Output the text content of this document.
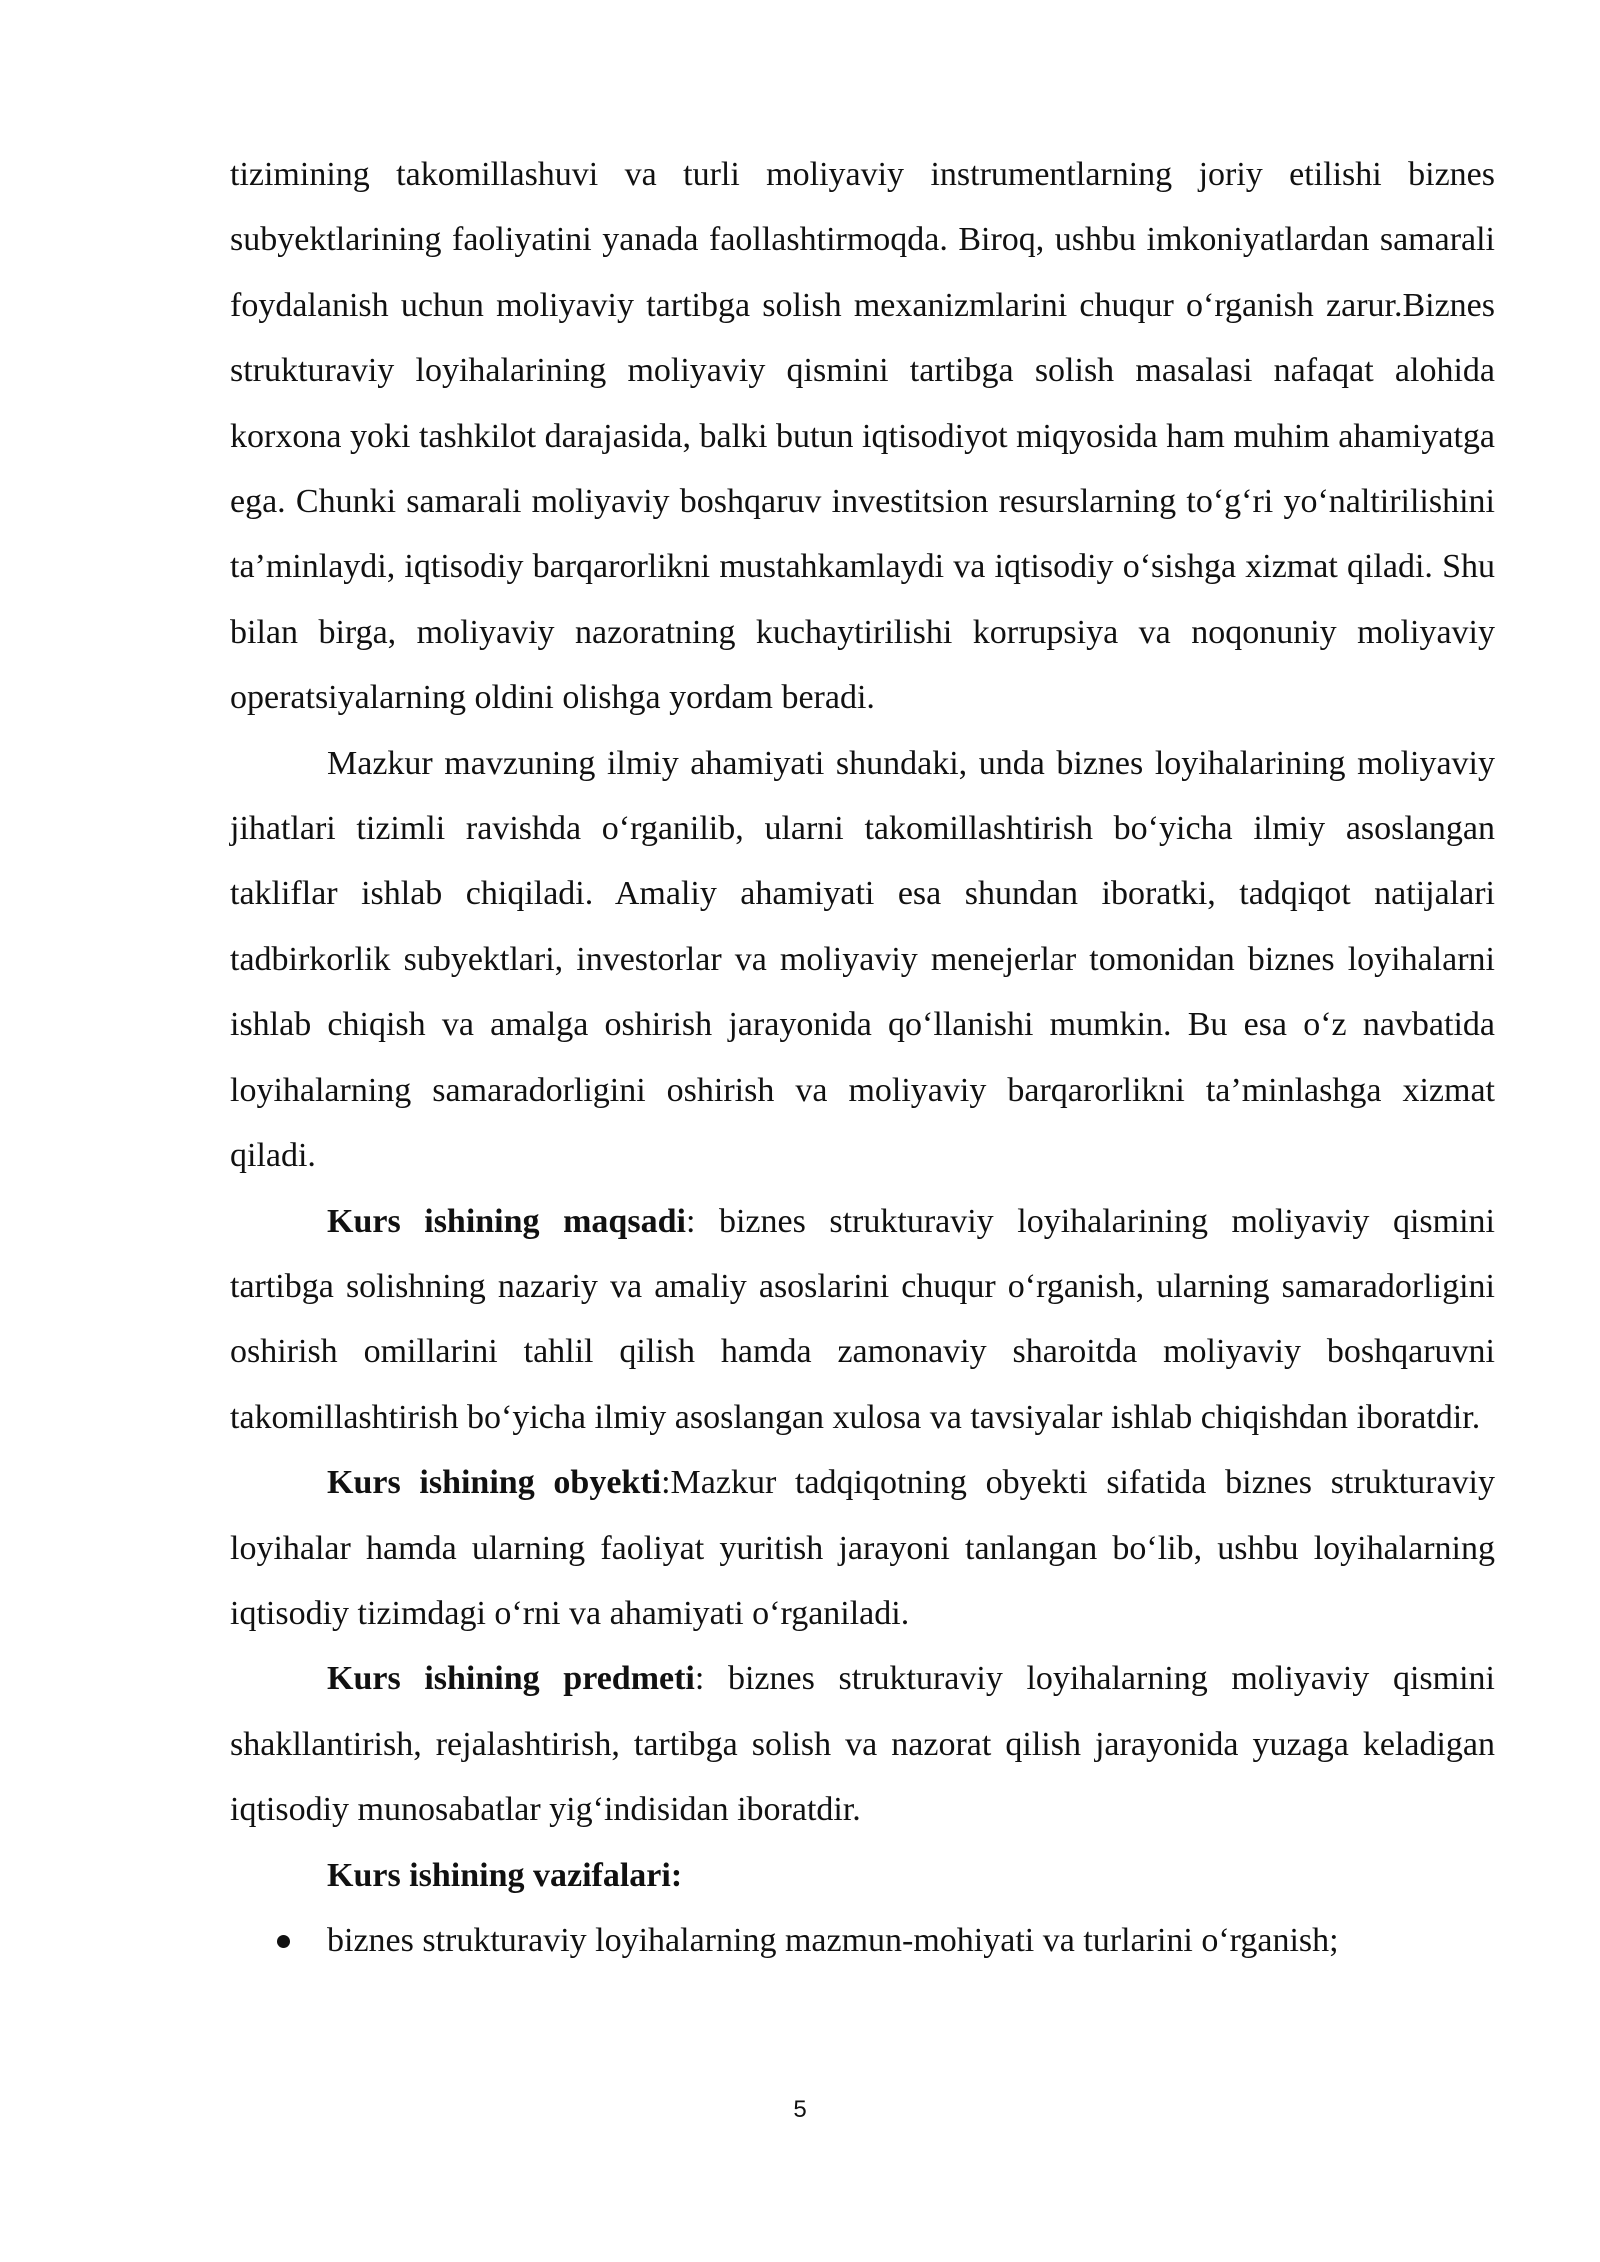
tizimining takomillashuvi va turli moliyaviy instrumentlarning joriy etilishi biznes subyektlarining faoliyatini yanada faollashtirmoqda. Biroq, ushbu imkoniyatlardan samarali foydalanish uchun moliyaviy tartibga solish mexanizmlarini chuqur o‘rganish zarur.Biznes strukturaviy loyihalarining moliyaviy qismini tartibga solish masalasi nafaqat alohida korxona yoki tashkilot darajasida, balki butun iqtisodiyot miqyosida ham muhim ahamiyatga ega. Chunki samarali moliyaviy boshqaruv investitsion resurslarning to‘g‘ri yo‘naltirilishini ta’minlaydi, iqtisodiy barqarorlikni mustahkamlaydi va iqtisodiy o‘sishga xizmat qiladi. Shu bilan birga, moliyaviy nazoratning kuchaytirilishi korrupsiya va noqonuniy moliyaviy operatsiyalarning oldini olishga yordam beradi.

Mazkur mavzuning ilmiy ahamiyati shundaki, unda biznes loyihalarining moliyaviy jihatlari tizimli ravishda o‘rganilib, ularni takomillashtirish bo‘yicha ilmiy asoslangan takliflar ishlab chiqiladi. Amaliy ahamiyati esa shundan iboratki, tadqiqot natijalari tadbirkorlik subyektlari, investorlar va moliyaviy menejerlar tomonidan biznes loyihalarni ishlab chiqish va amalga oshirish jarayonida qo‘llanishi mumkin. Bu esa o‘z navbatida loyihalarning samaradorligini oshirish va moliyaviy barqarorlikni ta’minlashga xizmat qiladi.

Kurs ishining maqsadi: biznes strukturaviy loyihalarining moliyaviy qismini tartibga solishning nazariy va amaliy asoslarini chuqur o‘rganish, ularning samaradorligini oshirish omillarini tahlil qilish hamda zamonaviy sharoitda moliyaviy boshqaruvni takomillashtirish bo‘yicha ilmiy asoslangan xulosa va tavsiyalar ishlab chiqishdan iboratdir.

Kurs ishining obyekti:Mazkur tadqiqotning obyekti sifatida biznes strukturaviy loyihalar hamda ularning faoliyat yuritish jarayoni tanlangan bo‘lib, ushbu loyihalarning iqtisodiy tizimdagi o‘rni va ahamiyati o‘rganiladi.

Kurs ishining predmeti: biznes strukturaviy loyihalarning moliyaviy qismini shakllantirish, rejalashtirish, tartibga solish va nazorat qilish jarayonida yuzaga keladigan iqtisodiy munosabatlar yig‘indisidan iboratdir.

Kurs ishining vazifalari:

biznes strukturaviy loyihalarning mazmun-mohiyati va turlarini o‘rganish;
5
